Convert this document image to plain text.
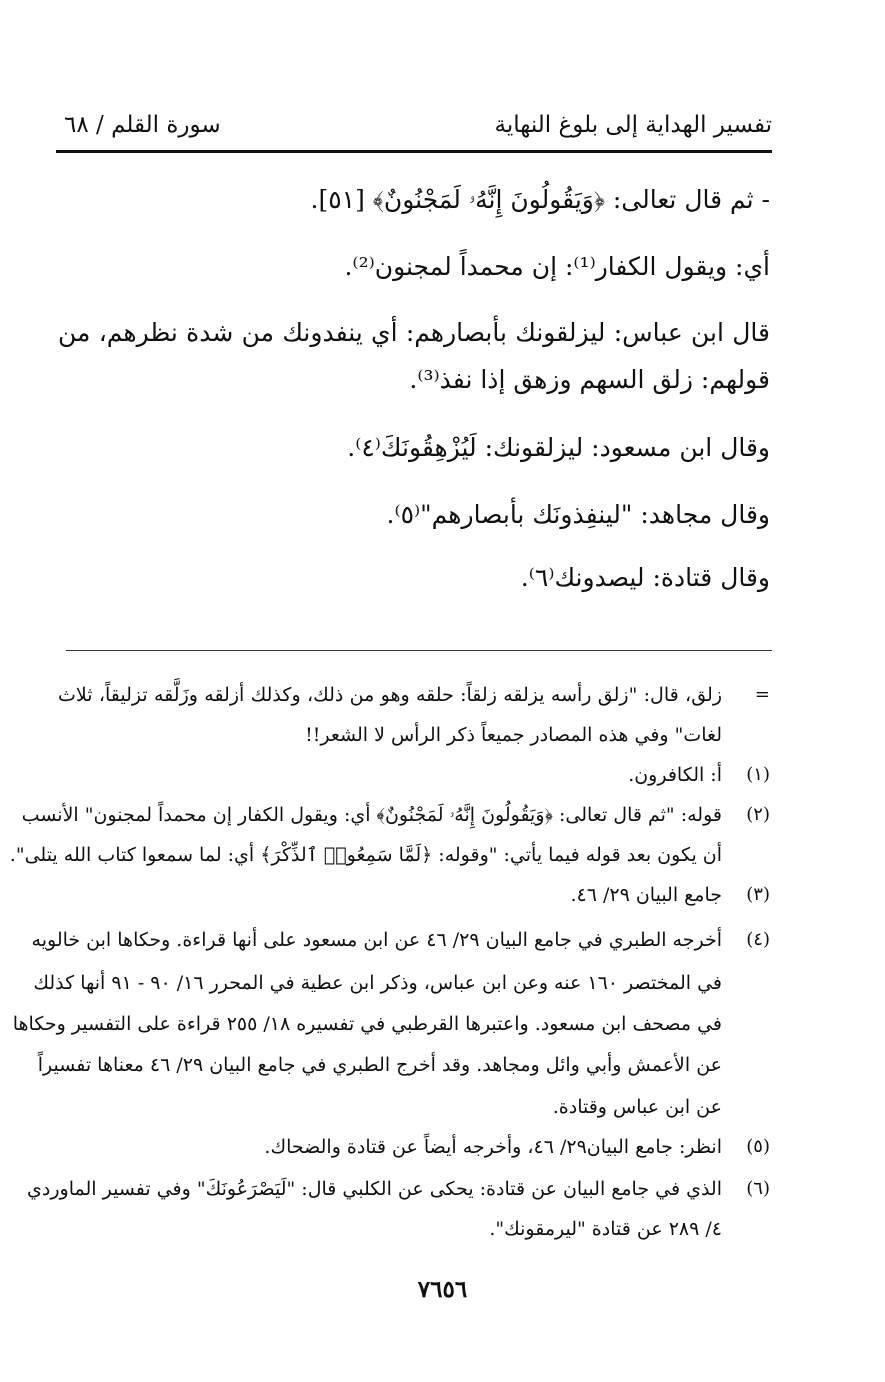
تفسير الهداية إلى بلوغ النهاية
سورة القلم / ٦٨
- ثم قال تعالى: ﴿وَيَقُولُونَ إِنَّهُۥ لَمَجْنُونٌ﴾ [٥١].
أي: ويقول الكفار⁽¹⁾: إن محمداً لمجنون⁽²⁾.
قال ابن عباس: ليزلقونك بأبصارهم: أي ينفدونك من شدة نظرهم، من
قولهم: زلق السهم وزهق إذا نفذ⁽³⁾.
وقال ابن مسعود: ليزلقونك: لَيُزْهِقُونَكَ⁽٤⁾.
وقال مجاهد: "لينفِذونَك بأبصارهم"⁽٥⁾.
وقال قتادة: ليصدونك⁽٦⁾.
=
زلق، قال: "زلق رأسه يزلقه زلقاً: حلقه وهو من ذلك، وكذلك أزلقه وزَلَّقه تزليقاً، ثلاث
لغات" وفي هذه المصادر جميعاً ذكر الرأس لا الشعر!!
(١)
أ: الكافرون.
(٢)
قوله: "ثم قال تعالى: ﴿وَيَقُولُونَ إِنَّهُۥ لَمَجْنُونٌ﴾ أي: ويقول الكفار إن محمداً لمجنون" الأنسب
أن يكون بعد قوله فيما يأتي: "وقوله: ﴿لَمَّا سَمِعُوا۟ ٱلذِّكْرَ﴾ أي: لما سمعوا كتاب الله يتلى".
(٣)
جامع البيان ٢٩/ ٤٦.
(٤)
أخرجه الطبري في جامع البيان ٢٩/ ٤٦ عن ابن مسعود على أنها قراءة. وحكاها ابن خالويه
في المختصر ١٦٠ عنه وعن ابن عباس، وذكر ابن عطية في المحرر ١٦/ ٩٠ - ٩١ أنها كذلك
في مصحف ابن مسعود. واعتبرها القرطبي في تفسيره ١٨/ ٢٥٥ قراءة على التفسير وحكاها
عن الأعمش وأبي وائل ومجاهد. وقد أخرج الطبري في جامع البيان ٢٩/ ٤٦ معناها تفسيراً
عن ابن عباس وقتادة.
(٥)
انظر: جامع البيان٢٩/ ٤٦، وأخرجه أيضاً عن قتادة والضحاك.
(٦)
الذي في جامع البيان عن قتادة: يحكى عن الكلبي قال: "لَيَصْرَعُونَكَ" وفي تفسير الماوردي
٤/ ٢٨٩ عن قتادة "ليرمقونك".
٧٦٥٦
